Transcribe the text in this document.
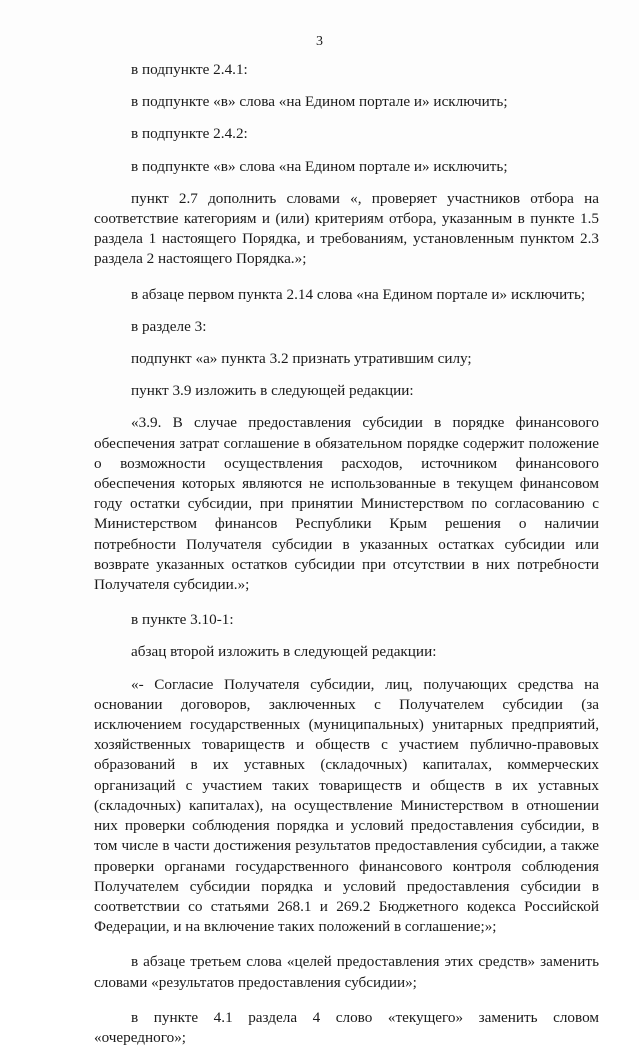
3

в подпункте 2.4.1:

в подпункте «в» слова «на Едином портале и» исключить;

в подпункте 2.4.2:

в подпункте «в» слова «на Едином портале и» исключить;

пункт 2.7 дополнить словами «, проверяет участников отбора на соответствие категориям и (или) критериям отбора, указанным в пункте 1.5 раздела 1 настоящего Порядка, и требованиям, установленным пунктом 2.3 раздела 2 настоящего Порядка.»;

в абзаце первом пункта 2.14 слова «на Едином портале и» исключить;

в разделе 3:

подпункт «а» пункта 3.2 признать утратившим силу;

пункт 3.9 изложить в следующей редакции:

«3.9. В случае предоставления субсидии в порядке финансового обеспечения затрат соглашение в обязательном порядке содержит положение о возможности осуществления расходов, источником финансового обеспечения которых являются не использованные в текущем финансовом году остатки субсидии, при принятии Министерством по согласованию с Министерством финансов Республики Крым решения о наличии потребности Получателя субсидии в указанных остатках субсидии или возврате указанных остатков субсидии при отсутствии в них потребности Получателя субсидии.»;

в пункте 3.10-1:

абзац второй изложить в следующей редакции:

«- Согласие Получателя субсидии, лиц, получающих средства на основании договоров, заключенных с Получателем субсидии (за исключением государственных (муниципальных) унитарных предприятий, хозяйственных товариществ и обществ с участием публично-правовых образований в их уставных (складочных) капиталах, коммерческих организаций с участием таких товариществ и обществ в их уставных (складочных) капиталах), на осуществление Министерством в отношении них проверки соблюдения порядка и условий предоставления субсидии, в том числе в части достижения результатов предоставления субсидии, а также проверки органами государственного финансового контроля соблюдения Получателем субсидии порядка и условий предоставления субсидии в соответствии со статьями 268.1 и 269.2 Бюджетного кодекса Российской Федерации, и на включение таких положений в соглашение;»;

в абзаце третьем слова «целей предоставления этих средств» заменить словами «результатов предоставления субсидии»;

в пункте 4.1 раздела 4 слово «текущего» заменить словом «очередного»;
